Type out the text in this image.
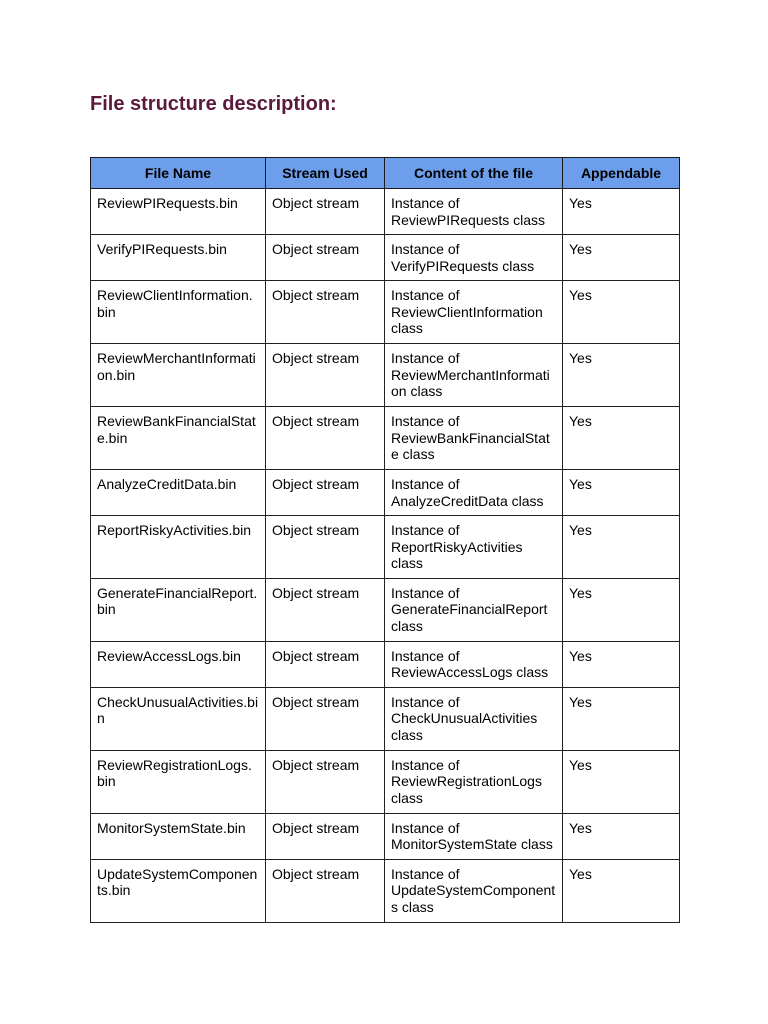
File structure description:
File Name	Stream Used	Content of the file	Appendable
ReviewPIRequests.bin	Object stream	Instance of ReviewPIRequests class	Yes
VerifyPIRequests.bin	Object stream	Instance of VerifyPIRequests class	Yes
ReviewClientInformation.bin	Object stream	Instance of ReviewClientInformation class	Yes
ReviewMerchantInformation.bin	Object stream	Instance of ReviewMerchantInformation class	Yes
ReviewBankFinancialState.bin	Object stream	Instance of ReviewBankFinancialState class	Yes
AnalyzeCreditData.bin	Object stream	Instance of AnalyzeCreditData class	Yes
ReportRiskyActivities.bin	Object stream	Instance of ReportRiskyActivities class	Yes
GenerateFinancialReport.bin	Object stream	Instance of GenerateFinancialReport class	Yes
ReviewAccessLogs.bin	Object stream	Instance of ReviewAccessLogs class	Yes
CheckUnusualActivities.bin	Object stream	Instance of CheckUnusualActivities class	Yes
ReviewRegistrationLogs.bin	Object stream	Instance of ReviewRegistrationLogs class	Yes
MonitorSystemState.bin	Object stream	Instance of MonitorSystemState class	Yes
UpdateSystemComponents.bin	Object stream	Instance of UpdateSystemComponents class	Yes
